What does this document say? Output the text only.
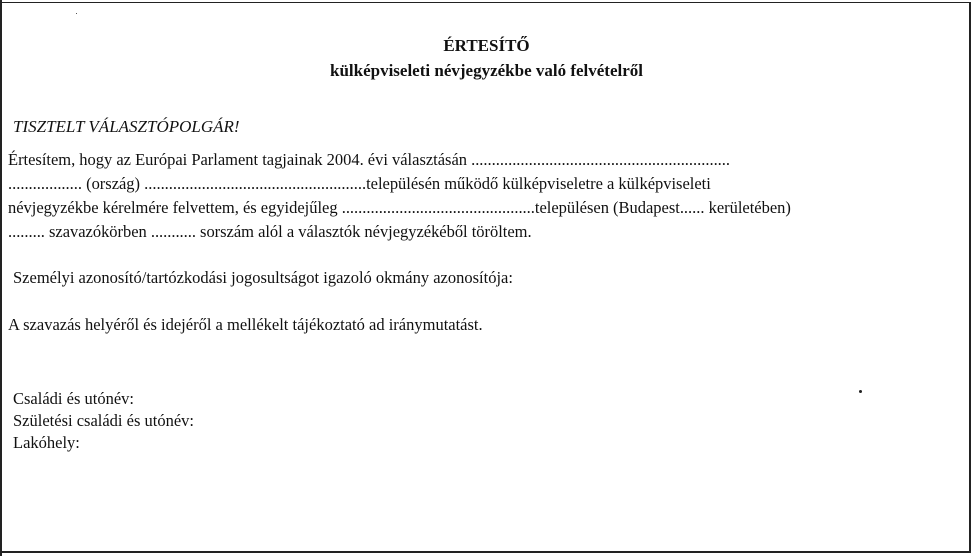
ÉRTESÍTŐ
külképviseleti névjegyzékbe való felvételről
TISZTELT VÁLASZTÓPOLGÁR!
Értesítem, hogy az Európai Parlament tagjainak 2004. évi választásán ...............................................................
.................. (ország) ......................................................településén működő külképviseletre a külképviseleti
névjegyzékbe kérelmére felvettem, és egyidejűleg ...............................................településen (Budapest...... kerületében)
......... szavazókörben ........... sorszám alól a választók névjegyzékéből töröltem.
Személyi azonosító/tartózkodási jogosultságot igazoló okmány azonosítója:
A szavazás helyéről és idejéről a mellékelt tájékoztató ad iránymutatást.
Családi és utónév:
Születési családi és utónév:
Lakóhely:
